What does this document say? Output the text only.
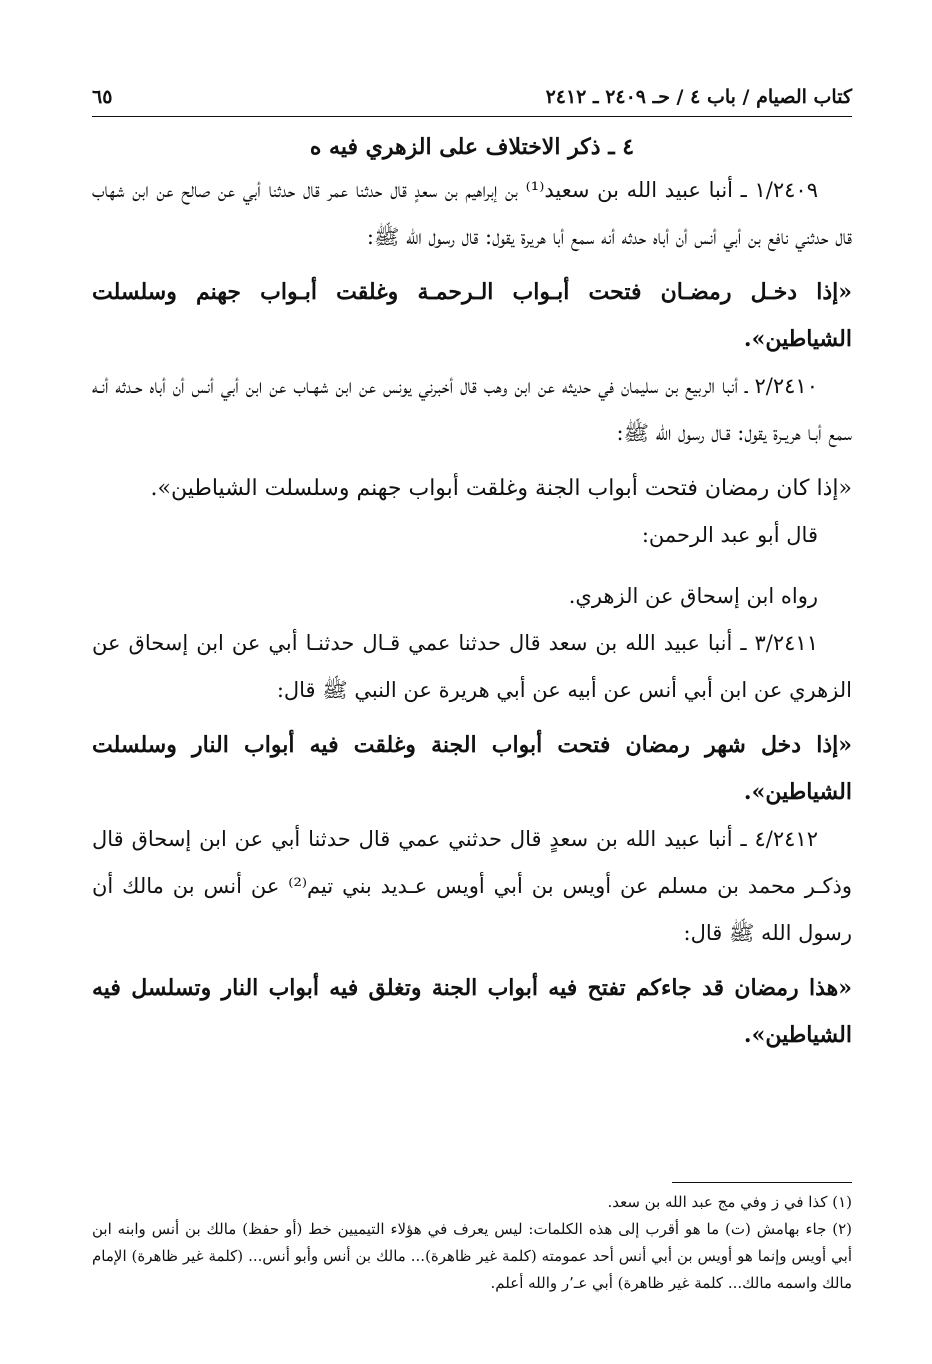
كتاب الصيام / باب ٤ / حـ ٢٤٠٩ ـ ٢٤١٢
٦٥
٤ ـ ذكر الاختلاف على الزهري فيه ه

١/٢٤٠٩ ـ أنبا عبيد الله بن سعيد⁽¹⁾ بن إبراهيم بن سعدٍ قال حدثنا عمر قال حدثنا أبي عن صالح عن ابن شهاب قال حدثني نافع بن أبي أنس أن أباه حدثه أنه سمع أبا هريرة يقول: قال رسول الله ﷺ:

«إذا دخـل رمضـان فتحت أبـواب الـرحمـة وغلقت أبـواب جهنم وسلسلت الشياطين».

٢/٢٤١٠ ـ أنبا الربيع بن سليمان في حديثه عن ابن وهب قال أخبرني يونس عن ابن شهـاب عن ابن أبي أنس أن أباه حـدثه أنـه سمع أبـا هريـرة يقول: قـال رسول الله ﷺ:

«إذا كان رمضان فتحت أبواب الجنة وغلقت أبواب جهنم وسلسلت الشياطين».

قال أبو عبد الرحمن:

رواه ابن إسحاق عن الزهري.

٣/٢٤١١ ـ أنبا عبيد الله بن سعد قال حدثنا عمي قـال حدثنـا أبي عن ابن إسحاق عن الزهري عن ابن أبي أنس عن أبيه عن أبي هريرة عن النبي ﷺ قال:

«إذا دخل شهر رمضان فتحت أبواب الجنة وغلقت فيه أبواب النار وسلسلت الشياطين».

٤/٢٤١٢ ـ أنبا عبيد الله بن سعدٍ قال حدثني عمي قال حدثنا أبي عن ابن إسحاق قال وذكـر محمد بن مسلم عن أويس بن أبي أويس عـديد بني تيم⁽²⁾ عن أنس بن مالك أن رسول الله ﷺ قال:

«هذا رمضان قد جاءكم تفتح فيه أبواب الجنة وتغلق فيه أبواب النار وتسلسل فيه الشياطين».

(١) كذا في ز وفي مج عبد الله بن سعد.

(٢) جاء بهامش (ت) ما هو أقرب إلى هذه الكلمات: ليس يعرف في هؤلاء التيميين خط (أو حفظ) مالك بن أنس وابنه ابن أبي أويس وإنما هو أويس بن أبي أنس أحد عمومته (كلمة غير ظاهرة)... مالك بن أنس وأبو أنس... (كلمة غير ظاهرة) الإمام مالك واسمه مالك... كلمة غير ظاهرة) أبي عـ٬ر والله أعلم.
